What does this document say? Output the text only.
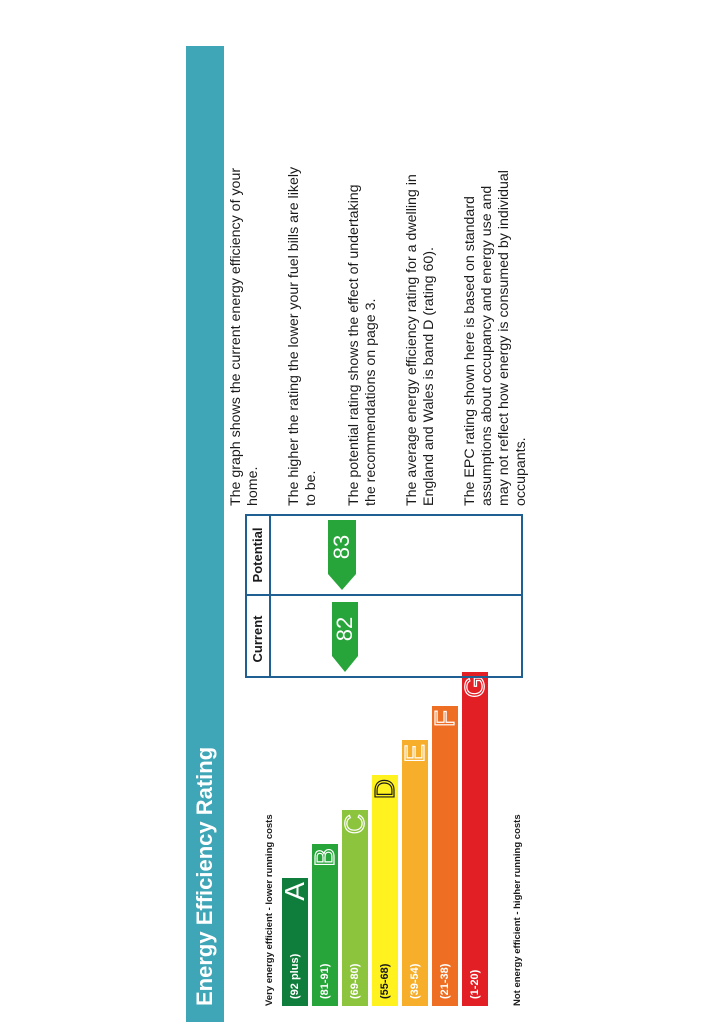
Energy Efficiency Rating	Very energy efficient - lower running costs	(92 plus)
A
(81-91)
B
(69-80)
C
(55-68)
D
(39-54)
E
(21-38)
F
(1-20)
G
Not energy efficient - higher running costs
Current
Potential
82
83
The graph shows the current energy efficiency of your home. The higher the rating the lower your fuel bills are likely to be. The potential rating shows the effect of undertaking the recommendations on page 3. The average energy efficiency rating for a dwelling in England and Wales is band D (rating 60). The EPC rating shown here is based on standard assumptions about occupancy and energy use and may not reflect how energy is consumed by individual occupants.
